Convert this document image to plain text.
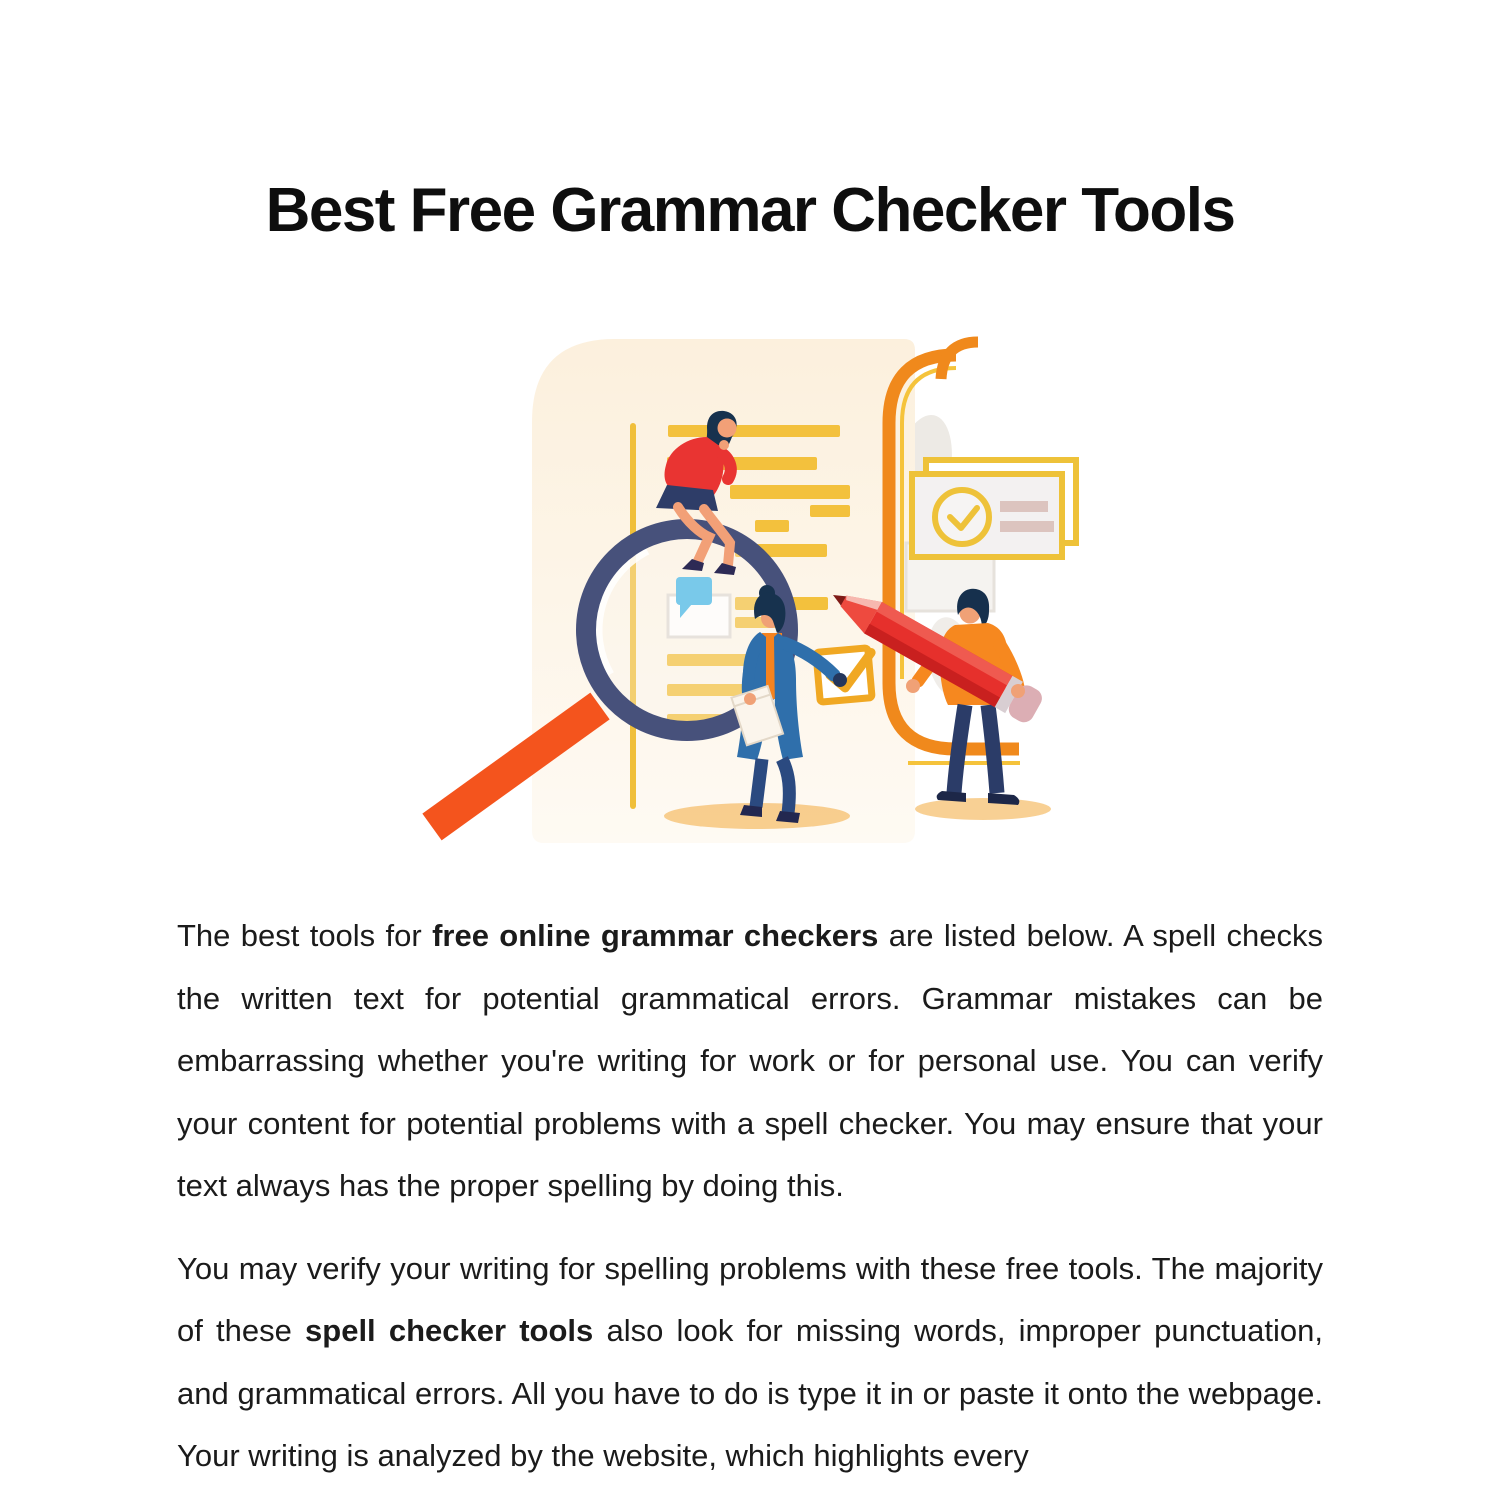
Best Free Grammar Checker Tools

The best tools for free online grammar checkers are listed below. A spell checks the written text for potential grammatical errors. Grammar mistakes can be embarrassing whether you're writing for work or for personal use. You can verify your content for potential problems with a spell checker. You may ensure that your text always has the proper spelling by doing this.

You may verify your writing for spelling problems with these free tools. The majority of these spell checker tools also look for missing words, improper punctuation, and grammatical errors. All you have to do is type it in or paste it onto the webpage. Your writing is analyzed by the website, which highlights every
